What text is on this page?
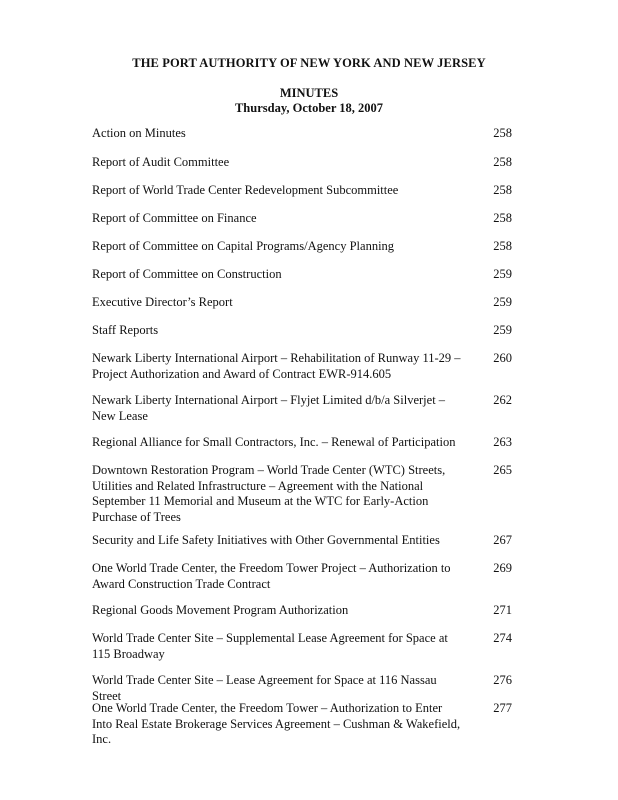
THE PORT AUTHORITY OF NEW YORK AND NEW JERSEY
MINUTES
Thursday, October 18, 2007
Action on Minutes	258
Report of Audit Committee	258
Report of World Trade Center Redevelopment Subcommittee	258
Report of Committee on Finance	258
Report of Committee on Capital Programs/Agency Planning	258
Report of Committee on Construction	259
Executive Director’s Report	259
Staff Reports	259
Newark Liberty International Airport – Rehabilitation of Runway 11-29 – Project Authorization and Award of Contract EWR-914.605
260
Newark Liberty International Airport – Flyjet Limited d/b/a Silverjet – New Lease
262
Regional Alliance for Small Contractors, Inc. – Renewal of Participation	263
Downtown Restoration Program – World Trade Center (WTC) Streets, Utilities and Related Infrastructure – Agreement with the National September 11 Memorial and Museum at the WTC for Early-Action Purchase of Trees
265
Security and Life Safety Initiatives with Other Governmental Entities	267
One World Trade Center, the Freedom Tower Project – Authorization to Award Construction Trade Contract
269
Regional Goods Movement Program Authorization	271
World Trade Center Site – Supplemental Lease Agreement for Space at 115 Broadway
274
World Trade Center Site – Lease Agreement for Space at 116 Nassau Street
276
One World Trade Center, the Freedom Tower – Authorization to Enter Into Real Estate Brokerage Services Agreement – Cushman & Wakefield, Inc.
277
